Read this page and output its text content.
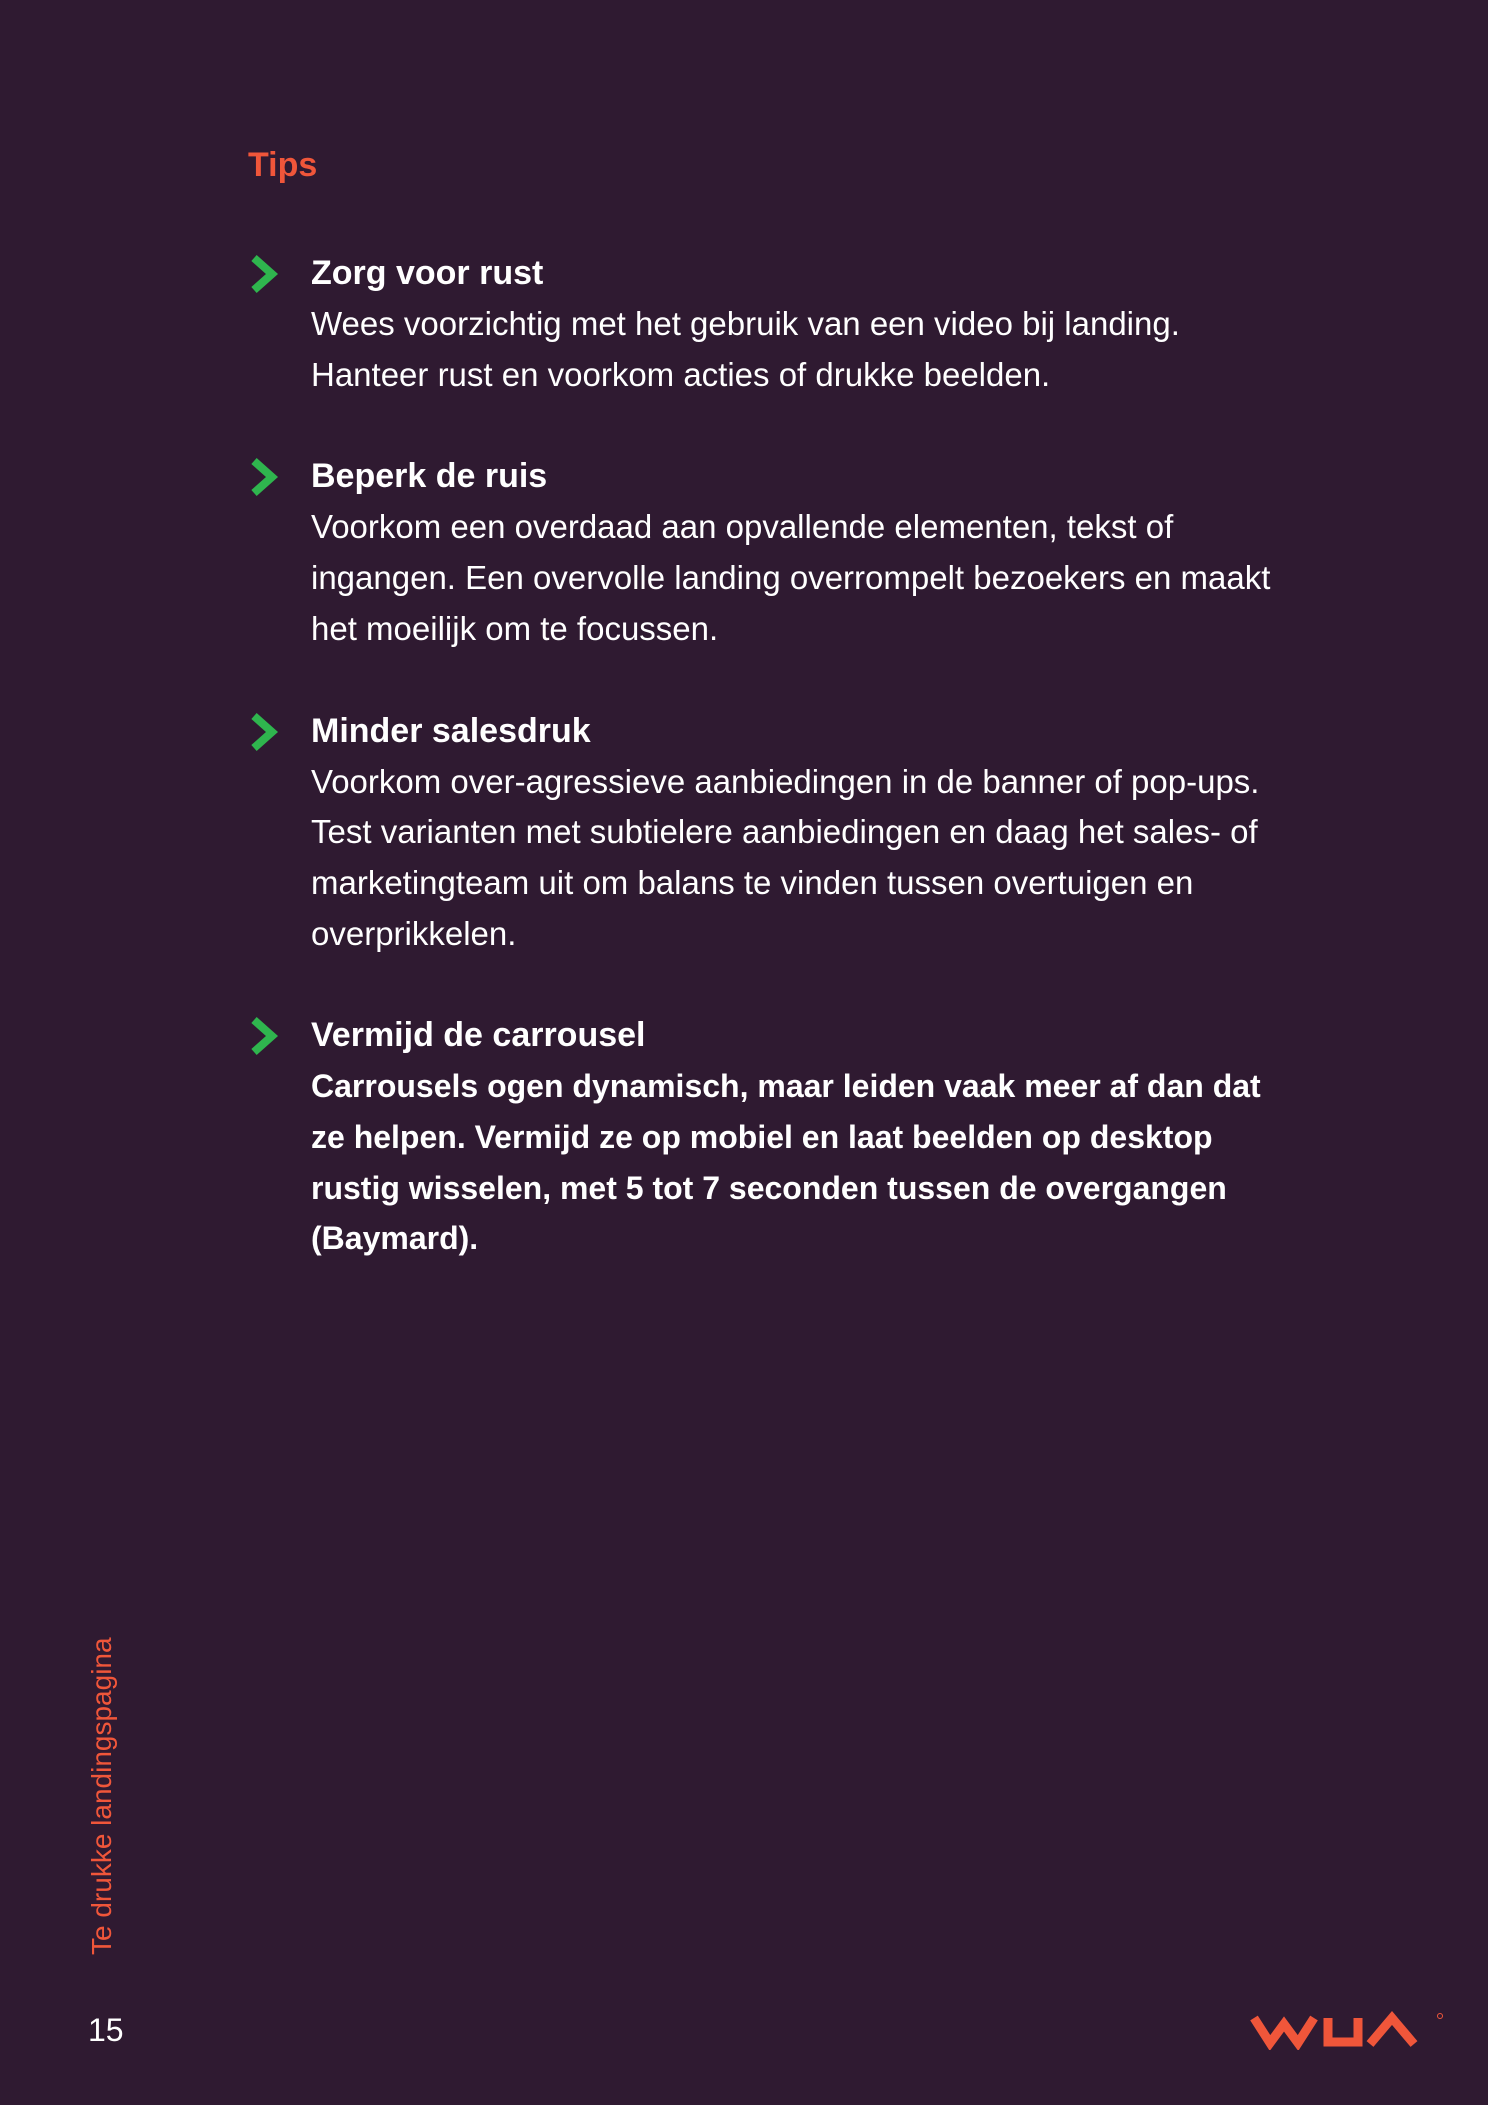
Tips

Zorg voor rust

Wees voorzichtig met het gebruik van een video bij landing.
Hanteer rust en voorkom acties of drukke beelden.

Beperk de ruis

Voorkom een overdaad aan opvallende elementen, tekst of
ingangen. Een overvolle landing overrompelt bezoekers en maakt
het moeilijk om te focussen.

Minder salesdruk

Voorkom over-agressieve aanbiedingen in de banner of pop-ups.
Test varianten met subtielere aanbiedingen en daag het sales- of
marketingteam uit om balans te vinden tussen overtuigen en
overprikkelen.

Vermijd de carrousel

Carrousels ogen dynamisch, maar leiden vaak meer af dan dat
ze helpen. Vermijd ze op mobiel en laat beelden op desktop
rustig wisselen, met 5 tot 7 seconden tussen de overgangen
(Baymard).

Te drukke landingspagina
15
